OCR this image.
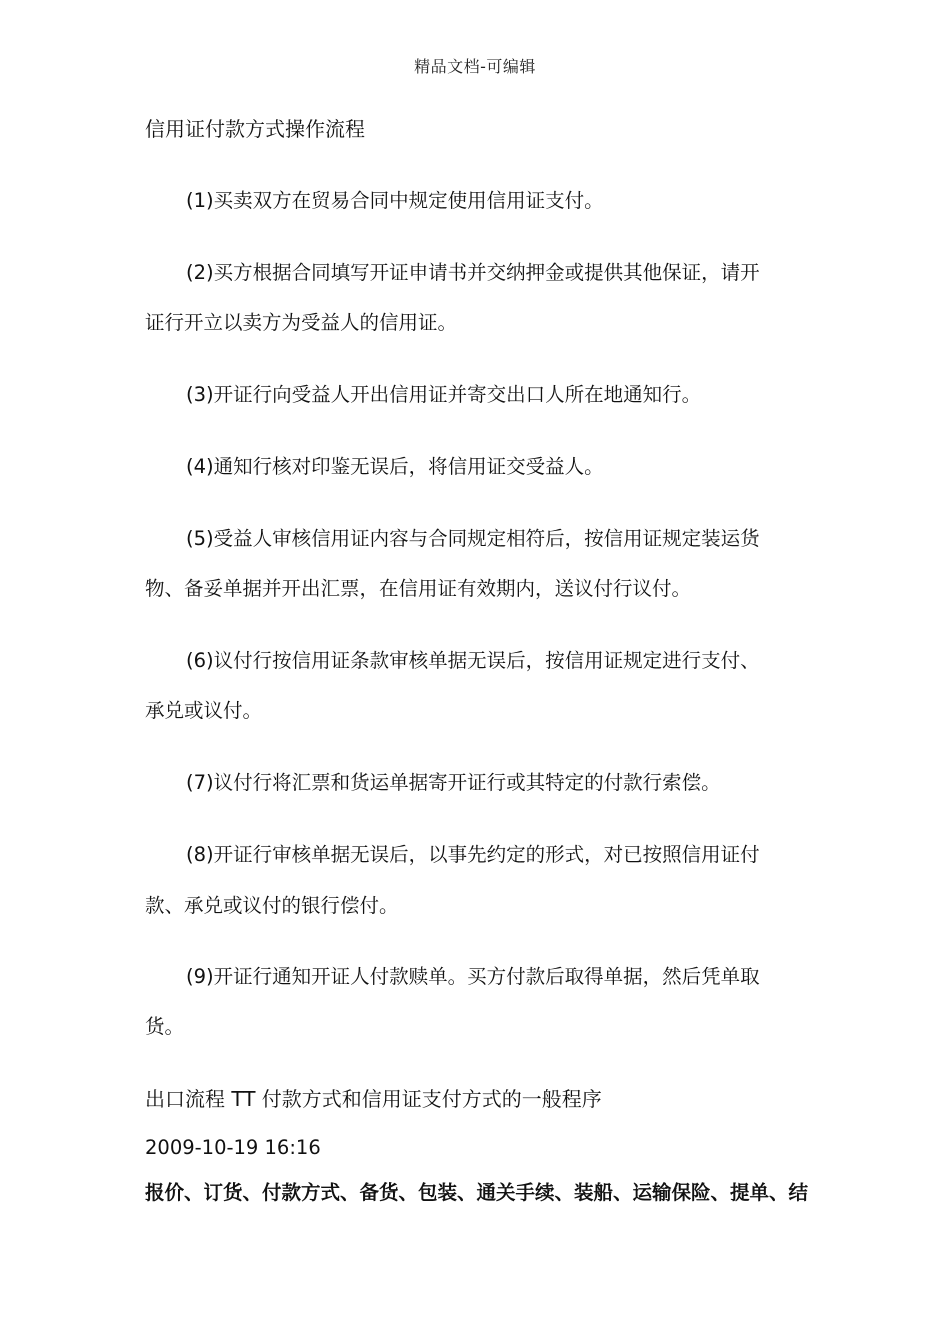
精品文档-可编辑
信用证付款方式操作流程
(1)买卖双方在贸易合同中规定使用信用证支付。
(2)买方根据合同填写开证申请书并交纳押金或提供其他保证，请开
证行开立以卖方为受益人的信用证。
(3)开证行向受益人开出信用证并寄交出口人所在地通知行。
(4)通知行核对印鉴无误后，将信用证交受益人。
(5)受益人审核信用证内容与合同规定相符后，按信用证规定装运货
物、备妥单据并开出汇票，在信用证有效期内，送议付行议付。
(6)议付行按信用证条款审核单据无误后，按信用证规定进行支付、
承兑或议付。
(7)议付行将汇票和货运单据寄开证行或其特定的付款行索偿。
(8)开证行审核单据无误后，以事先约定的形式，对已按照信用证付
款、承兑或议付的银行偿付。
(9)开证行通知开证人付款赎单。买方付款后取得单据，然后凭单取
货。
出口流程 TT 付款方式和信用证支付方式的一般程序
2009-10-19 16:16
报价、订货、付款方式、备货、包装、通关手续、装船、运输保险、提单、结
